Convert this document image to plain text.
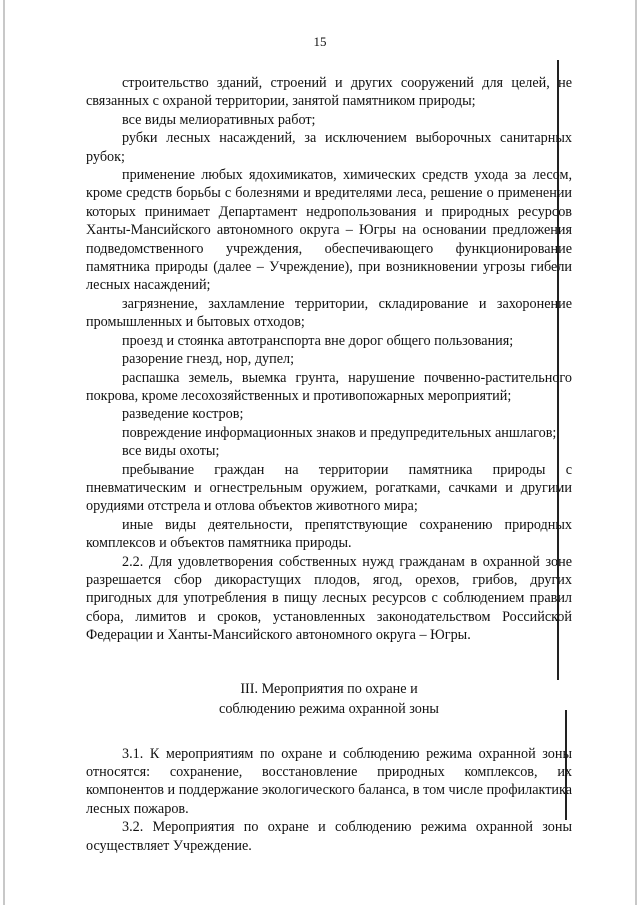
15

строительство зданий, строений и других сооружений для целей, не связанных с охраной территории, занятой памятником природы;

все виды мелиоративных работ;

рубки лесных насаждений, за исключением выборочных санитарных рубок;

применение любых ядохимикатов, химических средств ухода за лесом, кроме средств борьбы с болезнями и вредителями леса, решение о применении которых принимает Департамент недропользования и природных ресурсов Ханты-Мансийского автономного округа – Югры на основании предложения подведомственного учреждения, обеспечивающего функционирование памятника природы (далее – Учреждение), при возникновении угрозы гибели лесных насаждений;

загрязнение, захламление территории, складирование и захоронение промышленных и бытовых отходов;

проезд и стоянка автотранспорта вне дорог общего пользования;

разорение гнезд, нор, дупел;

распашка земель, выемка грунта, нарушение почвенно-растительного покрова, кроме лесохозяйственных и противопожарных мероприятий;

разведение костров;

повреждение информационных знаков и предупредительных аншлагов;

все виды охоты;

пребывание граждан на территории памятника природы с пневматическим и огнестрельным оружием, рогатками, сачками и другими орудиями отстрела и отлова объектов животного мира;

иные виды деятельности, препятствующие сохранению природных комплексов и объектов памятника природы.

2.2. Для удовлетворения собственных нужд гражданам в охранной зоне разрешается сбор дикорастущих плодов, ягод, орехов, грибов, других пригодных для употребления в пищу лесных ресурсов с соблюдением правил сбора, лимитов и сроков, установленных законодательством Российской Федерации и Ханты-Мансийского автономного округа – Югры.

III. Мероприятия по охране и
соблюдению режима охранной зоны

3.1. К мероприятиям по охране и соблюдению режима охранной зоны относятся: сохранение, восстановление природных комплексов, их компонентов и поддержание экологического баланса, в том числе профилактика лесных пожаров.

3.2. Мероприятия по охране и соблюдению режима охранной зоны осуществляет Учреждение.
